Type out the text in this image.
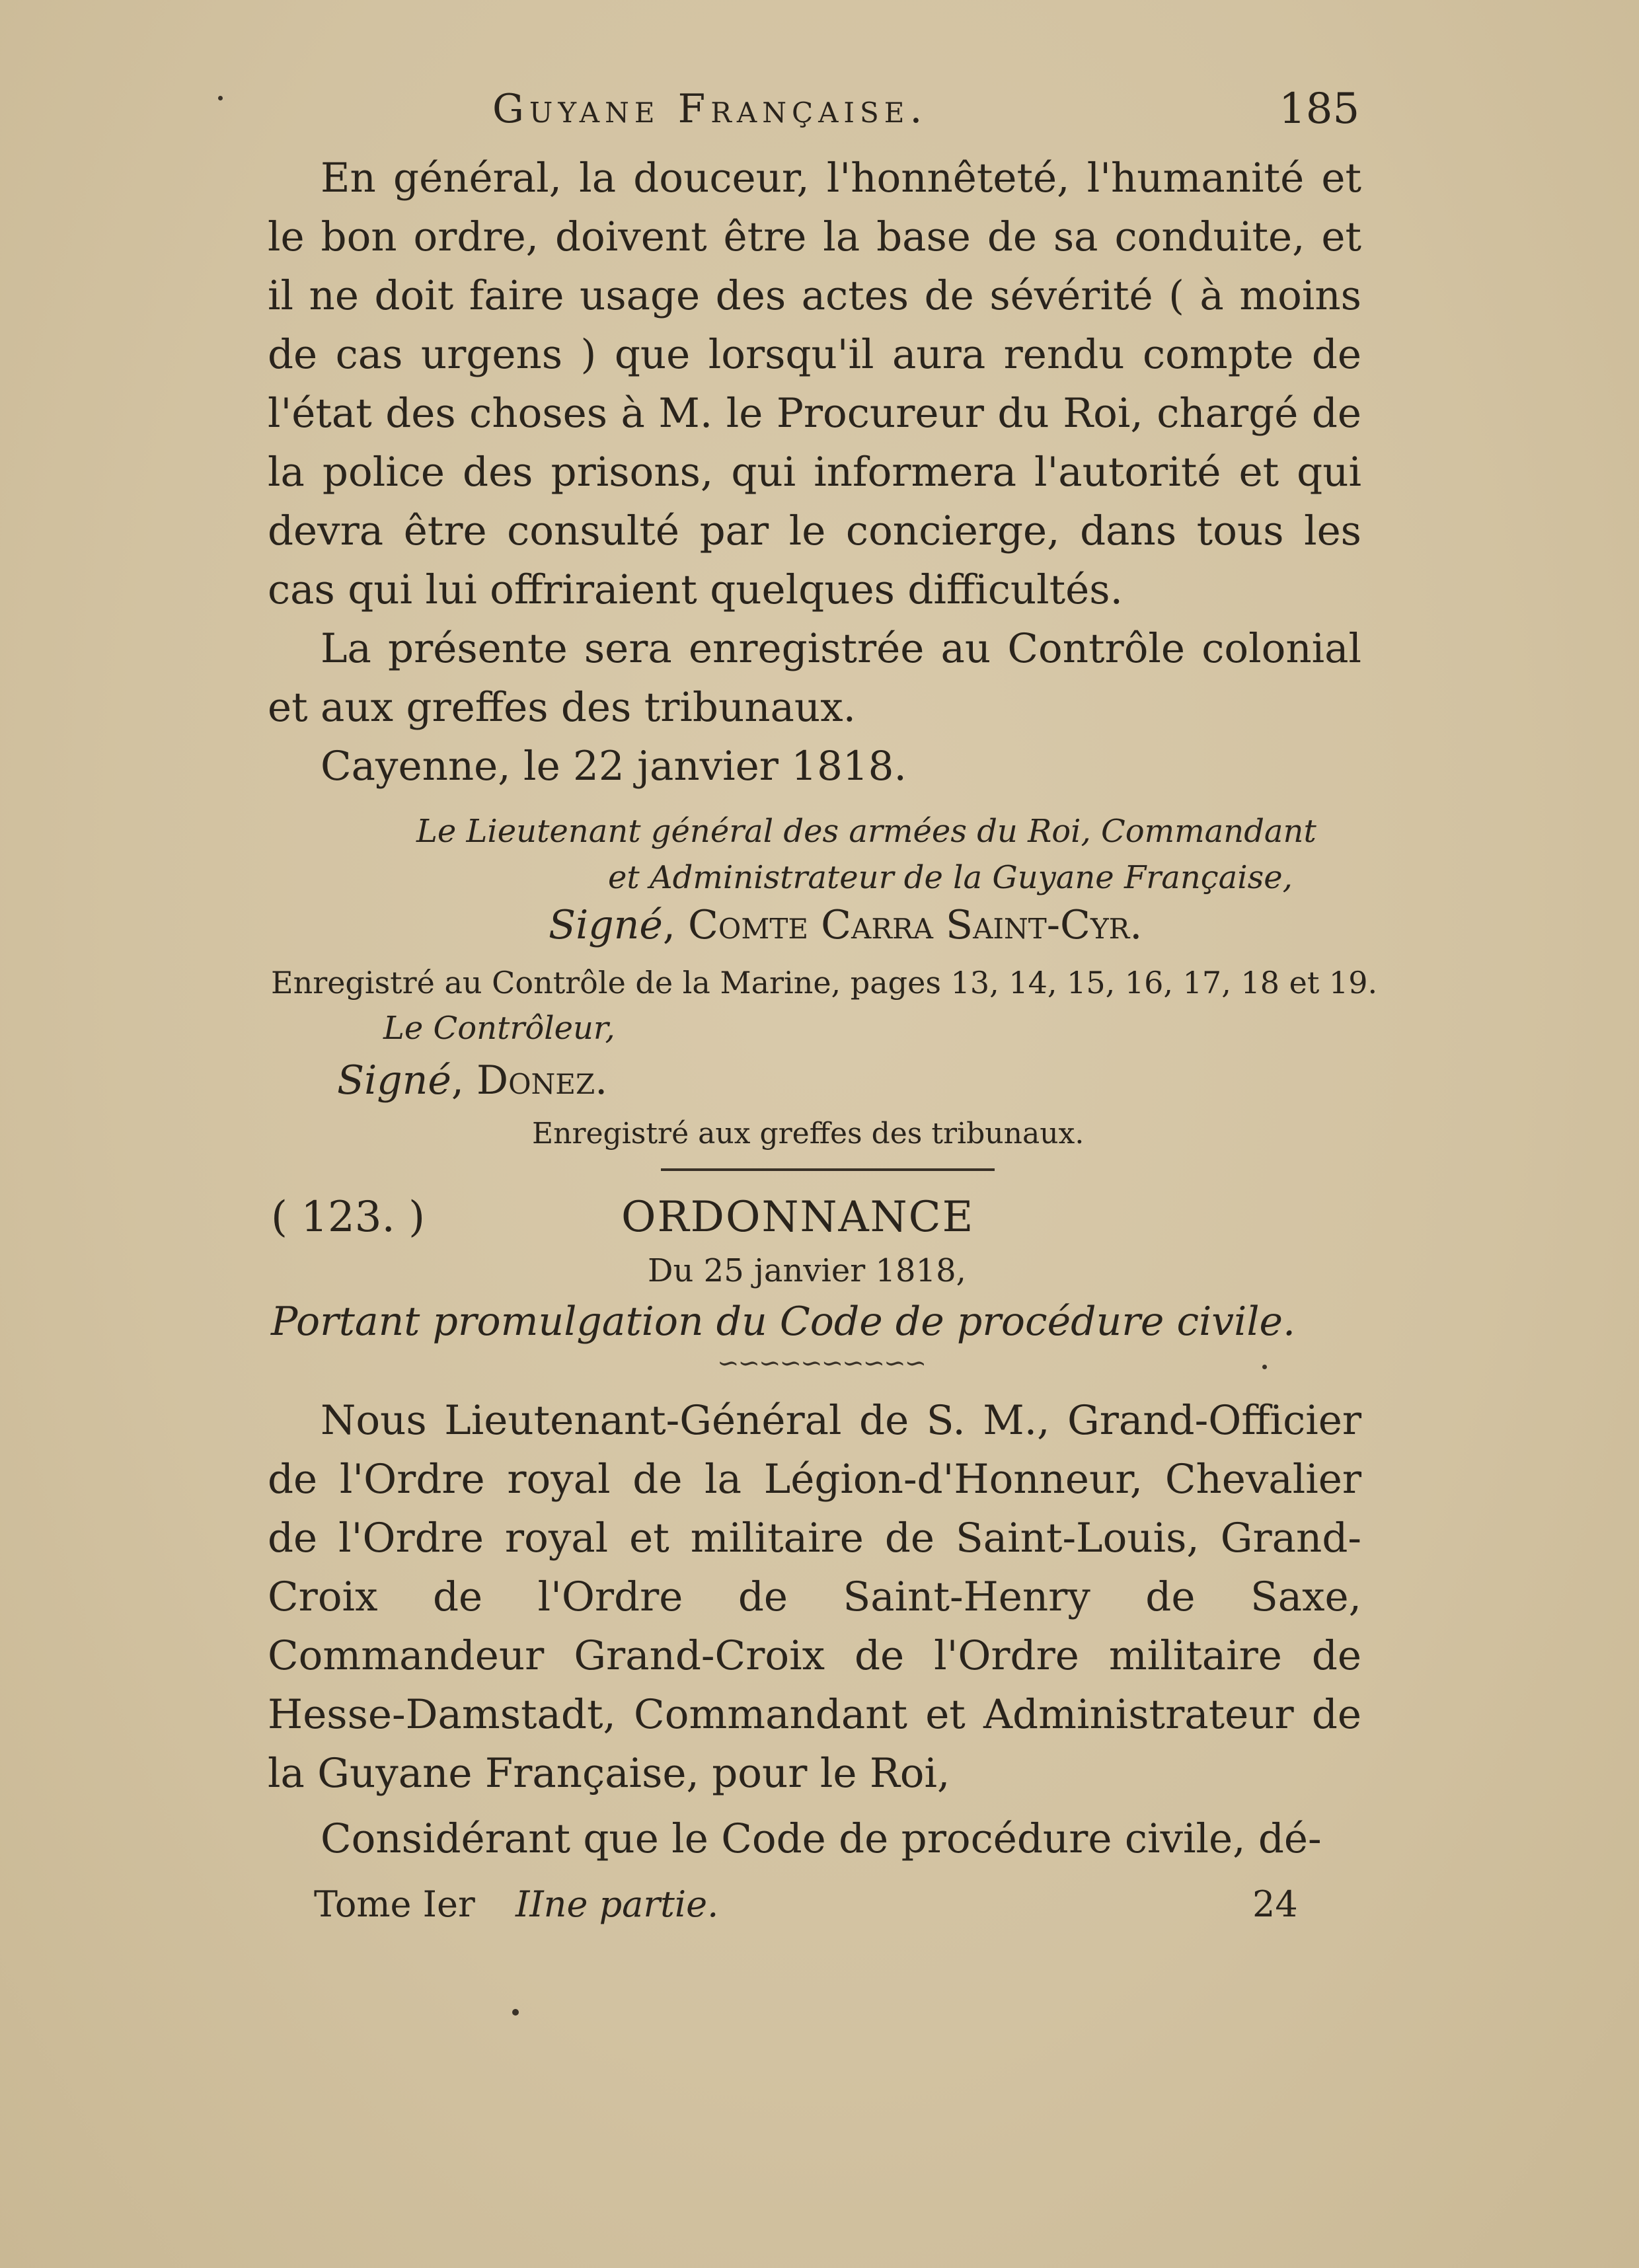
Guyane Française.	185

En général, la douceur, l'honnêteté, l'humanité et le bon ordre, doivent être la base de sa conduite, et il ne doit faire usage des actes de sévérité ( à moins de cas urgens ) que lorsqu'il aura rendu compte de l'état des choses à M. le Procureur du Roi, chargé de la police des prisons, qui informera l'autorité et qui devra être consulté par le concierge, dans tous les cas qui lui offriraient quelques difficultés.

La présente sera enregistrée au Contrôle colonial et aux greffes des tribunaux.

Cayenne, le 22 janvier 1818.

Le Lieutenant général des armées du Roi, Commandant
et Administrateur de la Guyane Française,
Signé, Comte Carra Saint-Cyr.
Enregistré au Contrôle de la Marine, pages 13, 14, 15, 16, 17, 18 et 19.
Le Contrôleur,
Signé, Donez.
Enregistré aux greffes des tribunaux.
( 123. )	ORDONNANCE
Du 25 janvier 1818,
Portant promulgation du Code de procédure civile.
∽∽∽∽∽∽∽∽∽∽

Nous Lieutenant-Général de S. M., Grand-Officier de l'Ordre royal de la Légion-d'Honneur, Chevalier de l'Ordre royal et militaire de Saint-Louis, Grand-Croix de l'Ordre de Saint-Henry de Saxe, Commandeur Grand-Croix de l'Ordre militaire de Hesse-Damstadt, Commandant et Administrateur de la Guyane Française, pour le Roi,

Considérant que le Code de procédure civile, dé-

Tome Ier IIne partie.	24
